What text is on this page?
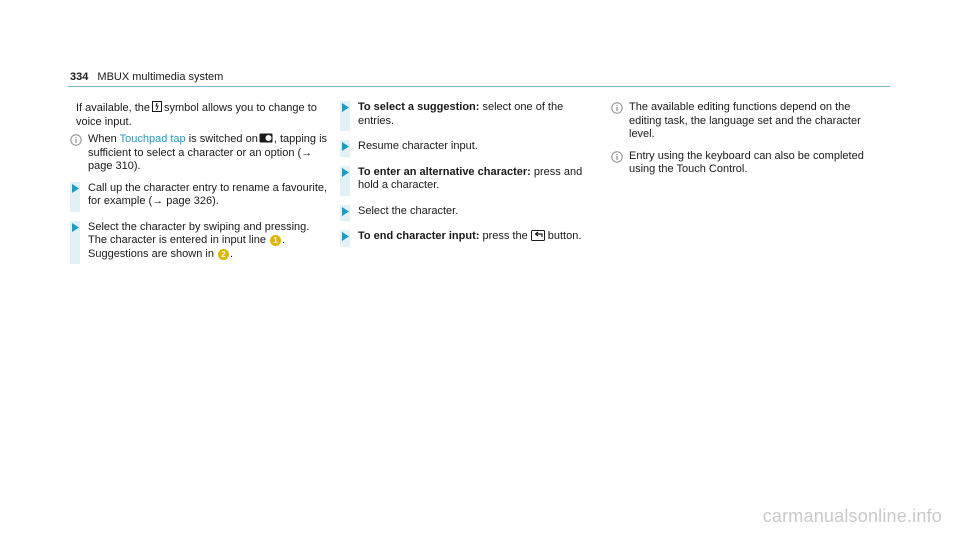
334 MBUX multimedia system
If available, the symbol allows you to change to voice input.
When Touchpad tap is switched on , tapping is sufficient to select a character or an option (→ page 310).
Call up the character entry to rename a favourite, for example (→ page 326).
Select the character by swiping and pressing. The character is entered in input line 1 . Suggestions are shown in 2 .
To select a suggestion: select one of the entries.
Resume character input.
To enter an alternative character: press and hold a character.
Select the character.
To end character input: press the button.
The available editing functions depend on the editing task, the language set and the character level.
Entry using the keyboard can also be completed using the Touch Control.
carmanualsonline.info
